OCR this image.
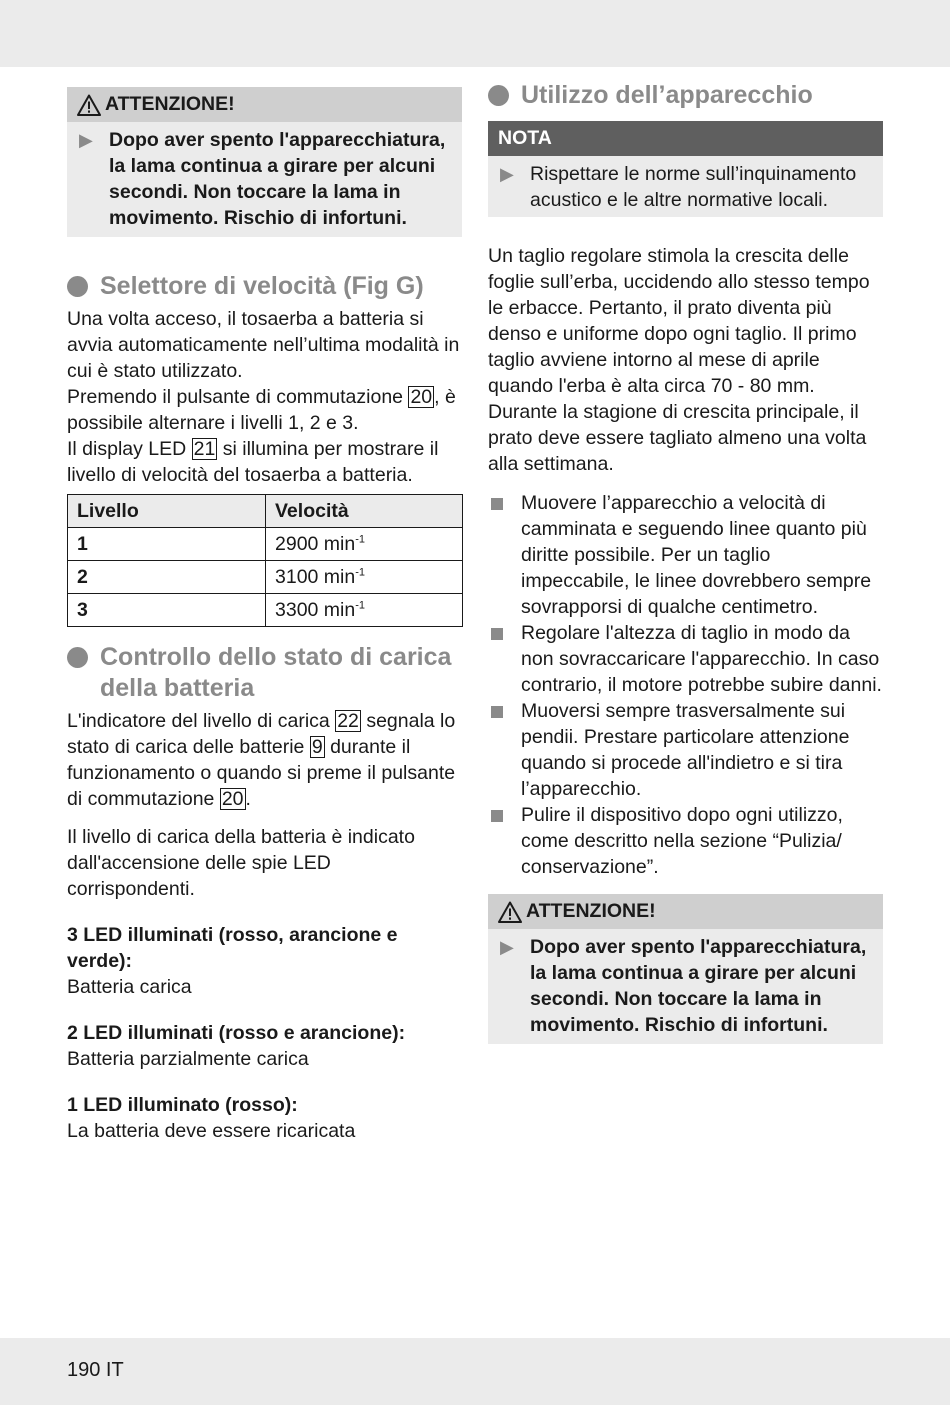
ATTENZIONE!
▶ Dopo aver spento l'apparecchiatura, la lama continua a girare per alcuni secondi. Non toccare la lama in movimento. Rischio di infortuni.
Selettore di velocità (Fig G)

Una volta acceso, il tosaerba a batteria si avvia automaticamente nell’ultima modalità in cui è stato utilizzato.

Premendo il pulsante di commutazione 20 , è possibile alternare i livelli 1, 2 e 3.

Il display LED 21 si illumina per mostrare il livello di velocità del tosaerba a batteria.

Livello	Velocità
1	2900 $\min^{-1}$
2	3100 $\min^{-1}$
3	3300 $\min^{-1}$
Controllo dello stato di carica della batteria

L'indicatore del livello di carica 22 segnala lo stato di carica delle batterie 9 durante il funzionamento o quando si preme il pulsante di commutazione 20 .

Il livello di carica della batteria è indicato dall'accensione delle spie LED corrispondenti.

3 LED illuminati (rosso, arancione e verde):

Batteria carica

2 LED illuminati (rosso e arancione):

Batteria parzialmente carica

1 LED illuminato (rosso):

La batteria deve essere ricaricata

Utilizzo dell’apparecchio
NOTA
▶ Rispettare le norme sull’inquinamento acustico e le altre normative locali.

Un taglio regolare stimola la crescita delle foglie sull’erba, uccidendo allo stesso tempo le erbacce. Pertanto, il prato diventa più denso e uniforme dopo ogni taglio. Il primo taglio avviene intorno al mese di aprile quando l'erba è alta circa 70 - 80 mm. Durante la stagione di crescita principale, il prato deve essere tagliato almeno una volta alla settimana.

Muovere l’apparecchio a velocità di camminata e seguendo linee quanto più diritte possibile. Per un taglio impeccabile, le linee dovrebbero sempre sovrapporsi di qualche centimetro.
Regolare l'altezza di taglio in modo da non sovraccaricare l'apparecchio. In caso contrario, il motore potrebbe subire danni.
Muoversi sempre trasversalmente sui pendii. Prestare particolare attenzione quando si procede all'indietro e si tira l’apparecchio.
Pulire il dispositivo dopo ogni utilizzo, come descritto nella sezione “Pulizia/ conservazione”.
ATTENZIONE!
▶ Dopo aver spento l'apparecchiatura, la lama continua a girare per alcuni secondi. Non toccare la lama in movimento. Rischio di infortuni.
190 IT
